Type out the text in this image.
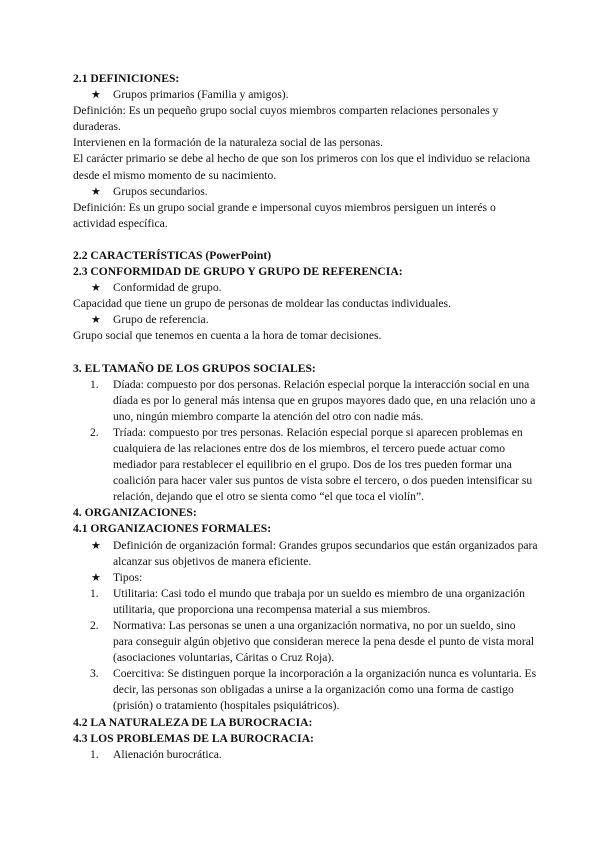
2.1 DEFINICIONES:

★ Grupos primarios (Familia y amigos).

Definición: Es un pequeño grupo social cuyos miembros comparten relaciones personales y duraderas.

Intervienen en la formación de la naturaleza social de las personas.

El carácter primario se debe al hecho de que son los primeros con los que el individuo se relaciona desde el mismo momento de su nacimiento.

★ Grupos secundarios.

Definición: Es un grupo social grande e impersonal cuyos miembros persiguen un interés o actividad específica.

2.2 CARACTERÍSTICAS (PowerPoint)

2.3 CONFORMIDAD DE GRUPO Y GRUPO DE REFERENCIA:

★ Conformidad de grupo.

Capacidad que tiene un grupo de personas de moldear las conductas individuales.

★ Grupo de referencia.

Grupo social que tenemos en cuenta a la hora de tomar decisiones.

3. EL TAMAÑO DE LOS GRUPOS SOCIALES:

1. Díada: compuesto por dos personas. Relación especial porque la interacción social en una díada es por lo general más intensa que en grupos mayores dado que, en una relación uno a uno, ningún miembro comparte la atención del otro con nadie más.
2. Tríada: compuesto por tres personas. Relación especial porque si aparecen problemas en cualquiera de las relaciones entre dos de los miembros, el tercero puede actuar como mediador para restablecer el equilibrio en el grupo. Dos de los tres pueden formar una coalición para hacer valer sus puntos de vista sobre el tercero, o dos pueden intensificar su relación, dejando que el otro se sienta como “el que toca el violín”.

4. ORGANIZACIONES:

4.1 ORGANIZACIONES FORMALES:

★ Definición de organización formal: Grandes grupos secundarios que están organizados para alcanzar sus objetivos de manera eficiente.

★ Tipos:

1. Utilitaria: Casi todo el mundo que trabaja por un sueldo es miembro de una organización utilitaria, que proporciona una recompensa material a sus miembros.
2. Normativa: Las personas se unen a una organización normativa, no por un sueldo, sino para conseguir algún objetivo que consideran merece la pena desde el punto de vista moral (asociaciones voluntarias, Cáritas o Cruz Roja).
3. Coercitiva: Se distinguen porque la incorporación a la organización nunca es voluntaria. Es decir, las personas son obligadas a unirse a la organización como una forma de castigo (prisión) o tratamiento (hospitales psiquiátricos).

4.2 LA NATURALEZA DE LA BUROCRACIA:

4.3 LOS PROBLEMAS DE LA BUROCRACIA:

1. Alienación burocrática.
